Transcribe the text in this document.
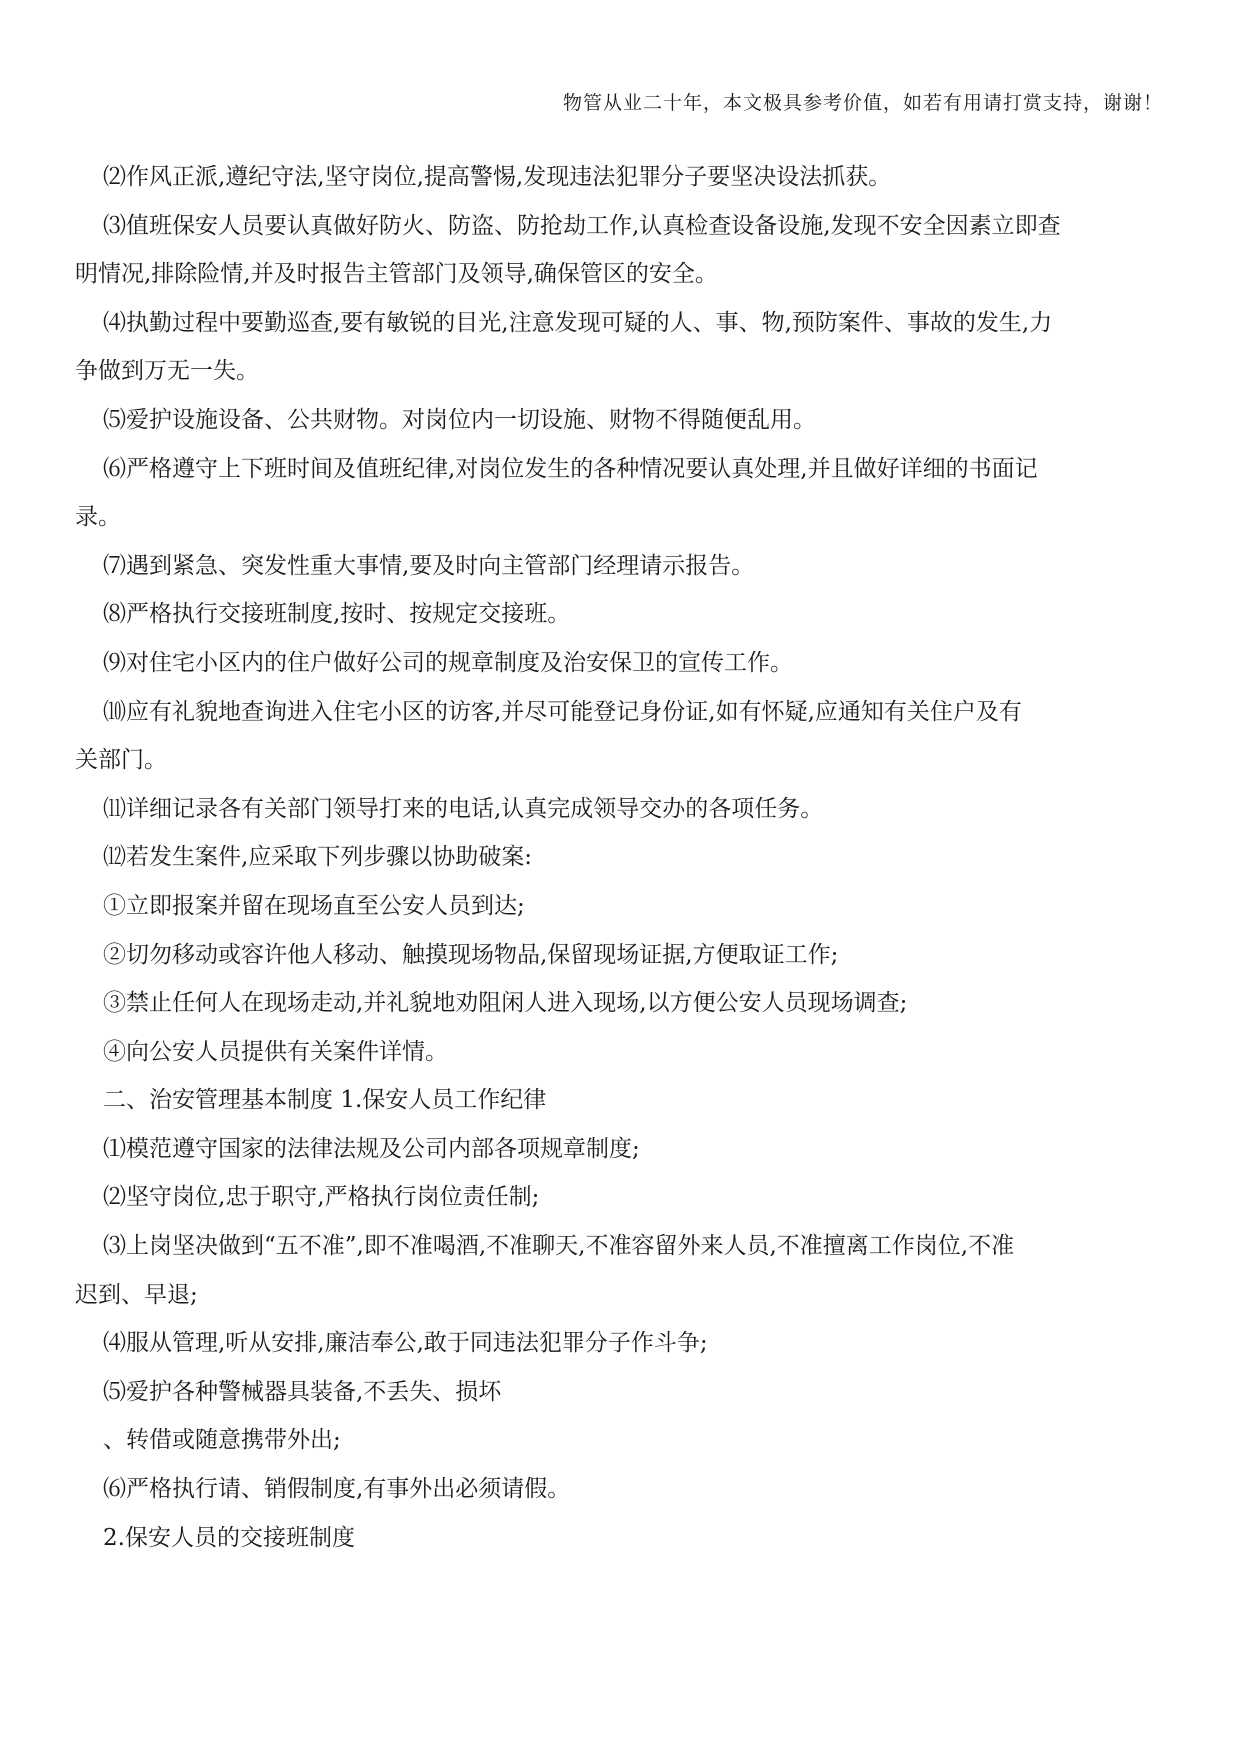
物管从业二十年，本文极具参考价值，如若有用请打赏支持，谢谢！
⑵作风正派,遵纪守法,坚守岗位,提高警惕,发现违法犯罪分子要坚决设法抓获。
⑶值班保安人员要认真做好防火、防盗、防抢劫工作,认真检查设备设施,发现不安全因素立即查
明情况,排除险情,并及时报告主管部门及领导,确保管区的安全。
⑷执勤过程中要勤巡查,要有敏锐的目光,注意发现可疑的人、事、物,预防案件、事故的发生,力
争做到万无一失。
⑸爱护设施设备、公共财物。对岗位内一切设施、财物不得随便乱用。
⑹严格遵守上下班时间及值班纪律,对岗位发生的各种情况要认真处理,并且做好详细的书面记
录。
⑺遇到紧急、突发性重大事情,要及时向主管部门经理请示报告。
⑻严格执行交接班制度,按时、按规定交接班。
⑼对住宅小区内的住户做好公司的规章制度及治安保卫的宣传工作。
⑽应有礼貌地查询进入住宅小区的访客,并尽可能登记身份证,如有怀疑,应通知有关住户及有
关部门。
⑾详细记录各有关部门领导打来的电话,认真完成领导交办的各项任务。
⑿若发生案件,应采取下列步骤以协助破案:
①立即报案并留在现场直至公安人员到达;
②切勿移动或容许他人移动、触摸现场物品,保留现场证据,方便取证工作;
③禁止任何人在现场走动,并礼貌地劝阻闲人进入现场,以方便公安人员现场调查;
④向公安人员提供有关案件详情。
二、治安管理基本制度 1.保安人员工作纪律
⑴模范遵守国家的法律法规及公司内部各项规章制度;
⑵坚守岗位,忠于职守,严格执行岗位责任制;
⑶上岗坚决做到“五不准”,即不准喝酒,不准聊天,不准容留外来人员,不准擅离工作岗位,不准
迟到、早退;
⑷服从管理,听从安排,廉洁奉公,敢于同违法犯罪分子作斗争;
⑸爱护各种警械器具装备,不丢失、损坏
、转借或随意携带外出;
⑹严格执行请、销假制度,有事外出必须请假。
2.保安人员的交接班制度
